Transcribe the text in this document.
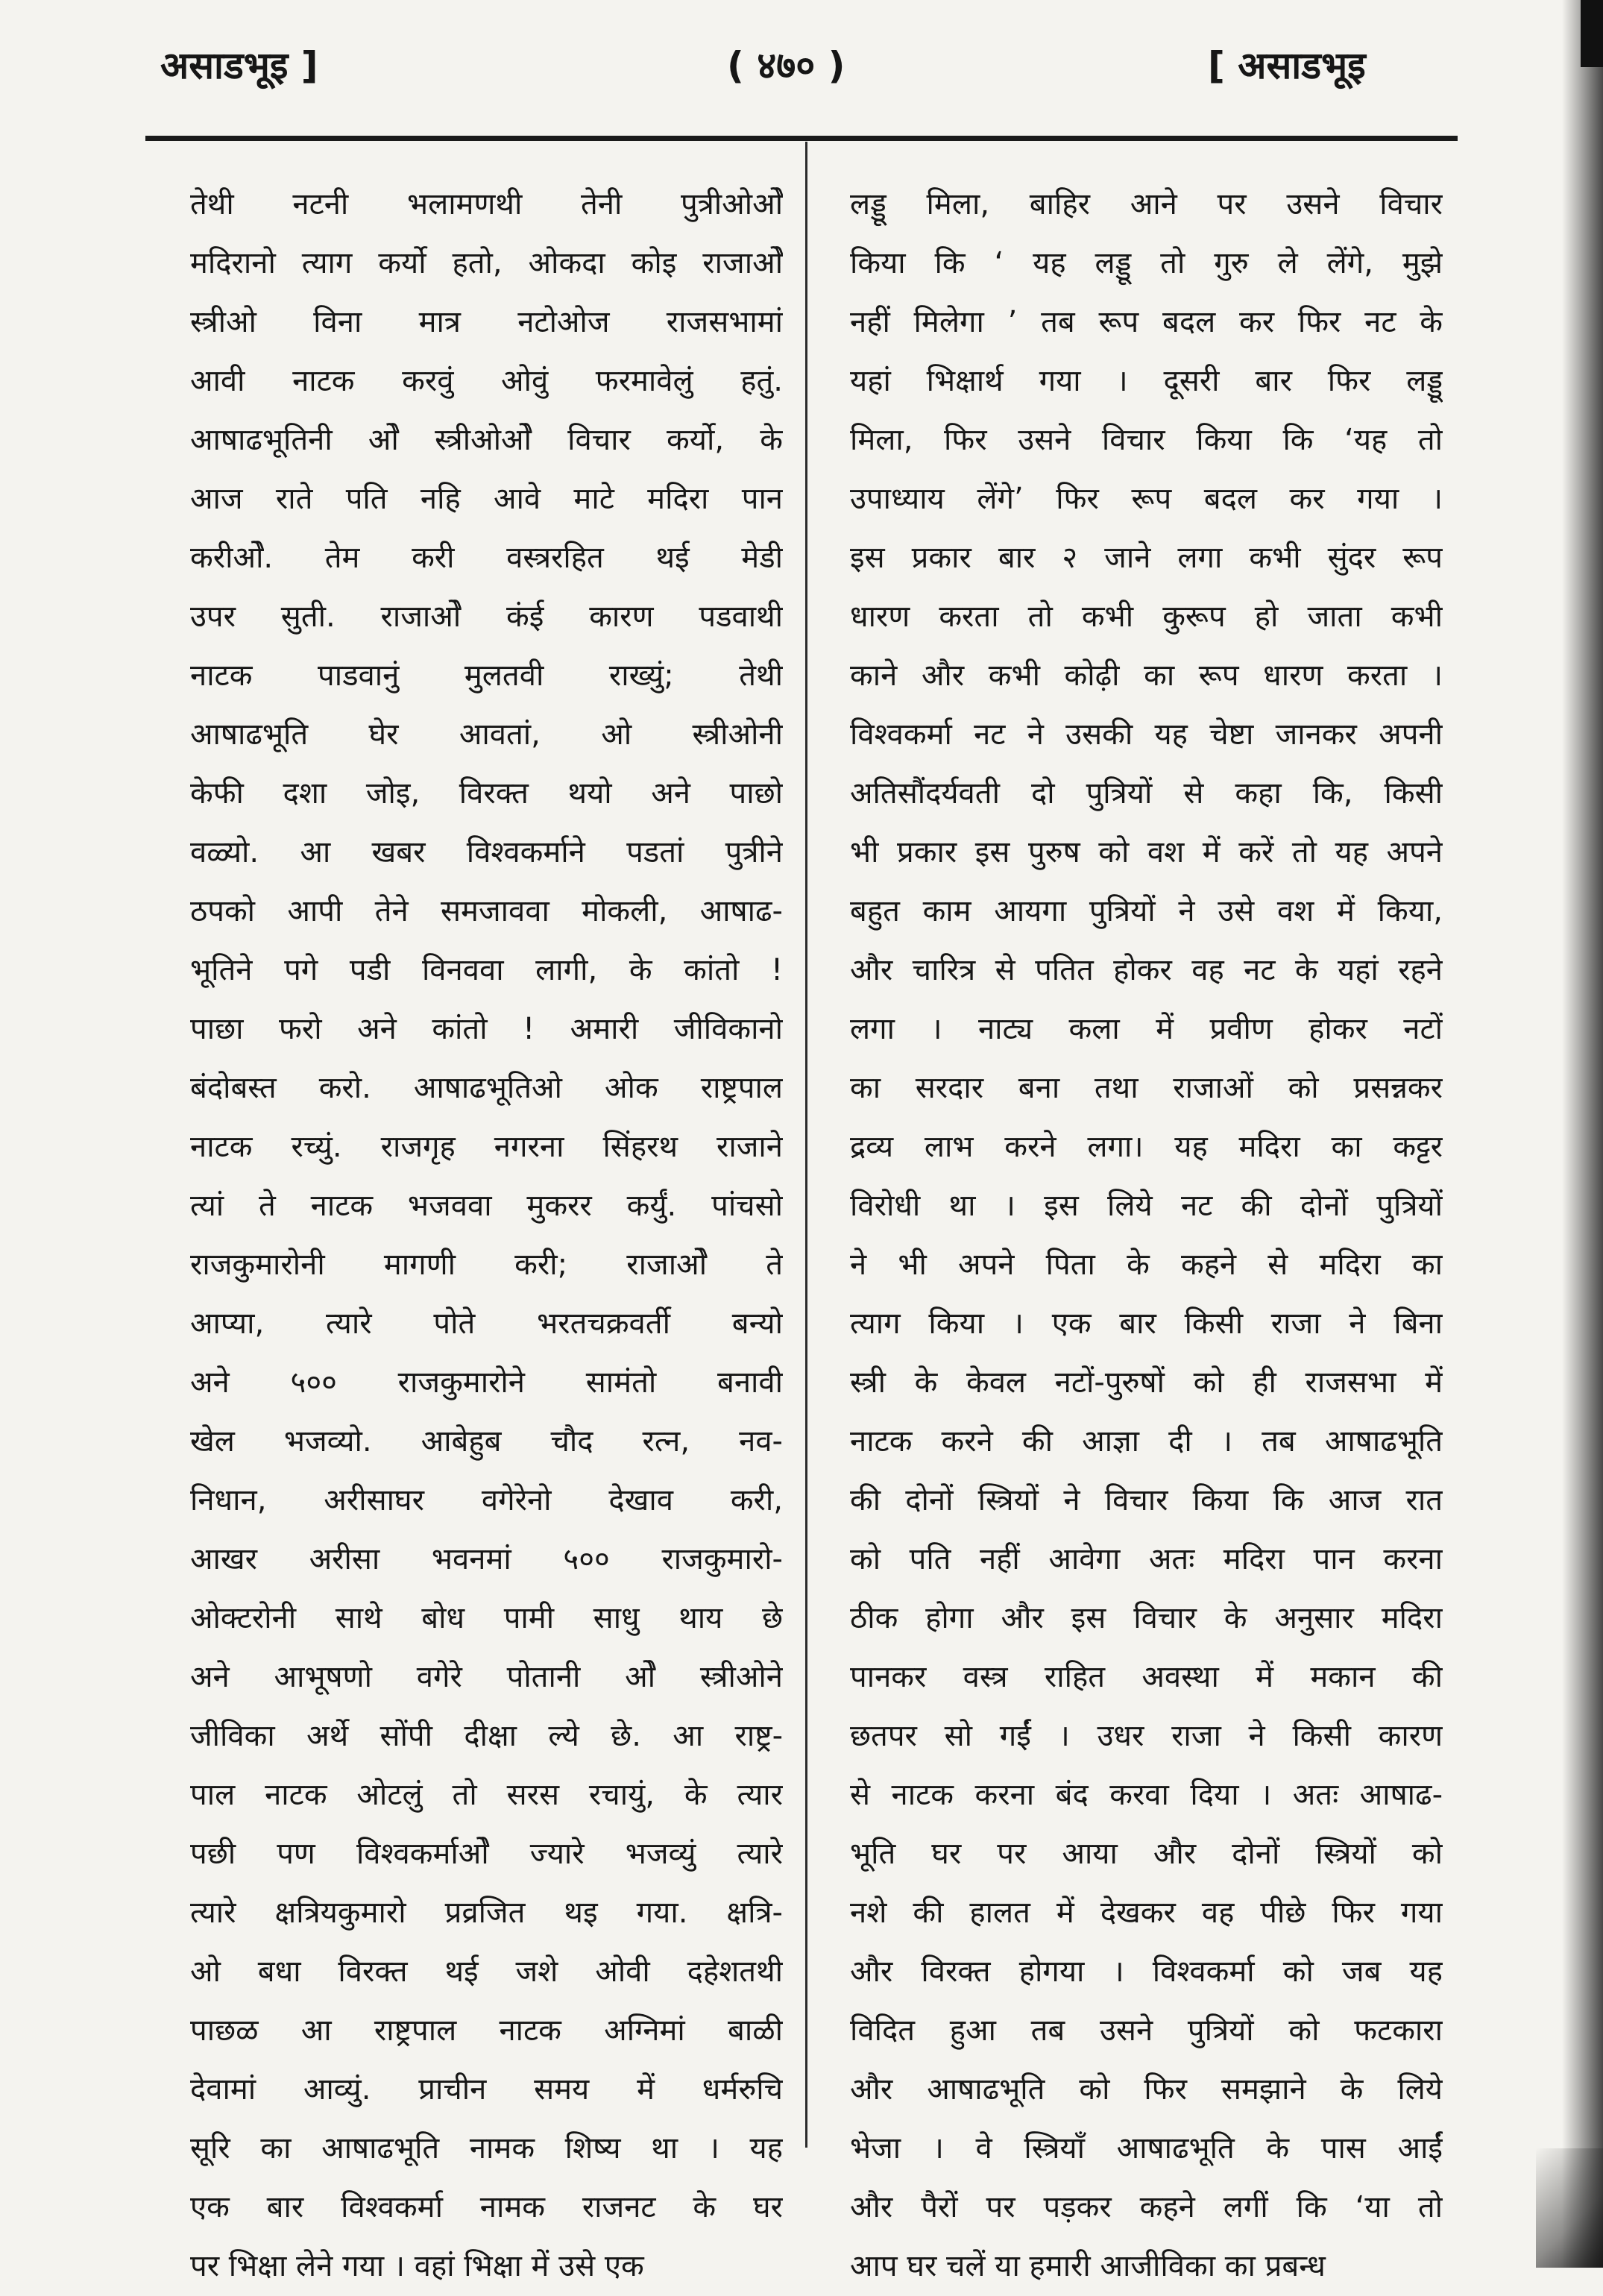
असाडभूइ ]	( ४७० )	[ असाडभूइ
तेथी नटनी भलामणथी तेनी पुत्रीओओे
मदिरानो त्याग कर्यो हतो, ओकदा कोइ राजाओे
स्त्रीओ विना मात्र नटोओज राजसभामां
आवी नाटक करवुं ओवुं फरमावेलुं हतुं.
आषाढभूतिनी ओे स्त्रीओओे विचार कर्यो, के
आज राते पति नहि आवे माटे मदिरा पान
करीओे. तेम करी वस्त्ररहित थई मेडी
उपर सुती. राजाओे कंई कारण पडवाथी
नाटक पाडवानुं मुलतवी राख्युं; तेथी
आषाढभूति घेर आवतां, ओ स्त्रीओनी
केफी दशा जोइ, विरक्त थयो अने पाछो
वळ्यो. आ खबर विश्वकर्माने पडतां पुत्रीने
ठपको आपी तेने समजाववा मोकली, आषाढ-
भूतिने पगे पडी विनववा लागी, के कांतो !
पाछा फरो अने कांतो ! अमारी जीविकानो
बंदोबस्त करो. आषाढभूतिओ ओक राष्ट्रपाल
नाटक रच्युं. राजगृह नगरना सिंहरथ राजाने
त्यां ते नाटक भजववा मुकरर कर्युं. पांचसो
राजकुमारोनी मागणी करी; राजाओे ते
आप्या, त्यारे पोते भरतचक्रवर्ती बन्यो
अने ५०० राजकुमारोने सामंतो बनावी
खेल भजव्यो. आबेहुब चौद रत्न, नव-
निधान, अरीसाघर वगेरेनो देखाव करी,
आखर अरीसा भवनमां ५०० राजकुमारो-
ओक्टरोनी साथे बोध पामी साधु थाय छे
अने आभूषणो वगेरे पोतानी ओे स्त्रीओने
जीविका अर्थे सोंपी दीक्षा ल्ये छे. आ राष्ट्र-
पाल नाटक ओटलुं तो सरस रचायुं, के त्यार
पछी पण विश्वकर्माओे ज्यारे भजव्युं त्यारे
त्यारे क्षत्रियकुमारो प्रव्रजित थइ गया. क्षत्रि-
ओ बधा विरक्त थई जशे ओवी दहेशतथी
पाछळ आ राष्ट्रपाल नाटक अग्निमां बाळी
देवामां आव्युं. प्राचीन समय में धर्मरुचि
सूरि का आषाढभूति नामक शिष्य था । यह
एक बार विश्वकर्मा नामक राजनट के घर
पर भिक्षा लेने गया । वहां भिक्षा में उसे एक
लड्डू मिला, बाहिर आने पर उसने विचार
किया कि ‘ यह लड्डू तो गुरु ले लेंगे, मुझे
नहीं मिलेगा ’ तब रूप बदल कर फिर नट के
यहां भिक्षार्थ गया । दूसरी बार फिर लड्डू
मिला, फिर उसने विचार किया कि ‘यह तो
उपाध्याय लेंगे’ फिर रूप बदल कर गया ।
इस प्रकार बार २ जाने लगा कभी सुंदर रूप
धारण करता तो कभी कुरूप हो जाता कभी
काने और कभी कोढ़ी का रूप धारण करता ।
विश्वकर्मा नट ने उसकी यह चेष्टा जानकर अपनी
अतिसौंदर्यवती दो पुत्रियों से कहा कि, किसी
भी प्रकार इस पुरुष को वश में करें तो यह अपने
बहुत काम आयगा पुत्रियों ने उसे वश में किया,
और चारित्र से पतित होकर वह नट के यहां रहने
लगा । नाट्य कला में प्रवीण होकर नटों
का सरदार बना तथा राजाओं को प्रसन्नकर
द्रव्य लाभ करने लगा। यह मदिरा का कट्टर
विरोधी था । इस लिये नट की दोनों पुत्रियों
ने भी अपने पिता के कहने से मदिरा का
त्याग किया । एक बार किसी राजा ने बिना
स्त्री के केवल नटों-पुरुषों को ही राजसभा में
नाटक करने की आज्ञा दी । तब आषाढभूति
की दोनों स्त्रियों ने विचार किया कि आज रात
को पति नहीं आवेगा अतः मदिरा पान करना
ठीक होगा और इस विचार के अनुसार मदिरा
पानकर वस्त्र राहित अवस्था में मकान की
छतपर सो गईं । उधर राजा ने किसी कारण
से नाटक करना बंद करवा दिया । अतः आषाढ-
भूति घर पर आया और दोनों स्त्रियों को
नशे की हालत में देखकर वह पीछे फिर गया
और विरक्त होगया । विश्वकर्मा को जब यह
विदित हुआ तब उसने पुत्रियों को फटकारा
और आषाढभूति को फिर समझाने के लिये
भेजा । वे स्त्रियाँ आषाढभूति के पास आईं
और पैरों पर पड़कर कहने लगीं कि ‘या तो
आप घर चलें या हमारी आजीविका का प्रबन्ध
